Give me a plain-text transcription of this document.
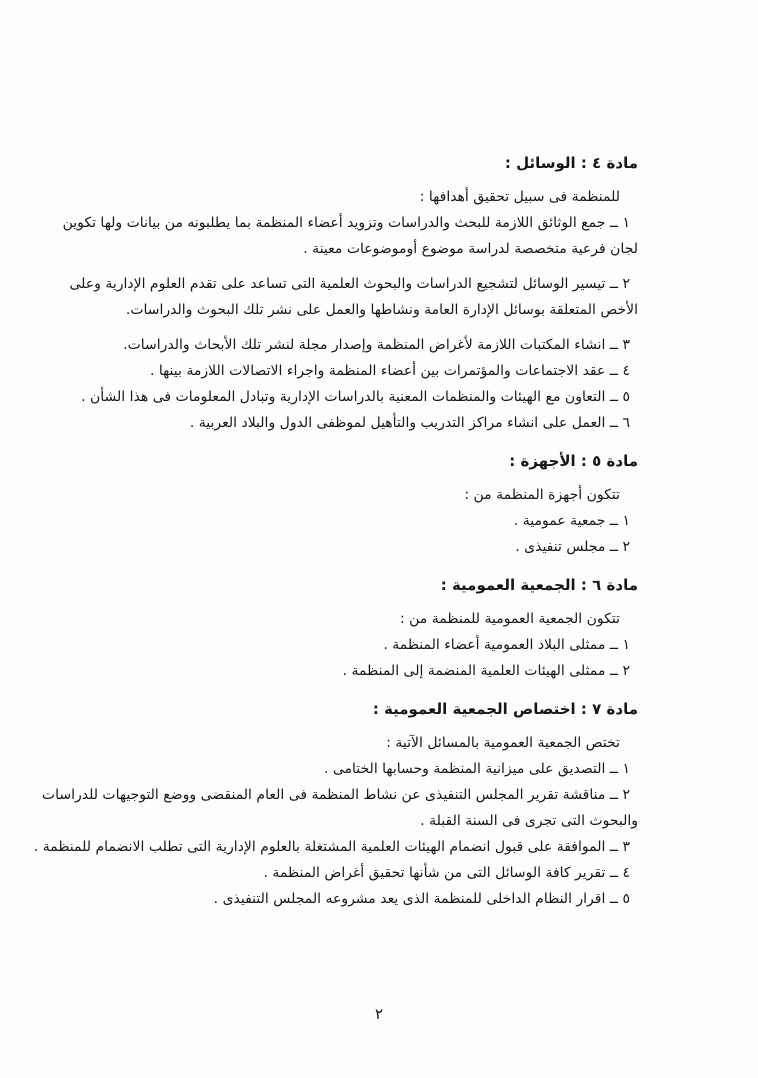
مادة ٤ : الوسائل :

للمنظمة فى سبيل تحقيق أهدافها :

١ ــ جمع الوثائق اللازمة للبحث والدراسات وتزويد أعضاء المنظمة بما يطلبونه من بيانات ولها تكوين

لجان فرعية متخصصة لدراسة موضوع أوموضوعات معينة .

٢ ــ تيسير الوسائل لتشجيع الدراسات والبحوث العلمية التى تساعد على تقدم العلوم الإدارية وعلى

الأخص المتعلقة بوسائل الإدارة العامة ونشاطها والعمل على نشر تلك البحوث والدراسات.

٣ ــ انشاء المكتبات اللازمة لأغراض المنظمة وإصدار مجلة لنشر تلك الأبحاث والدراسات.

٤ ــ عقد الاجتماعات والمؤتمرات بين أعضاء المنظمة واجراء الاتصالات اللازمة بينها .

٥ ــ التعاون مع الهيئات والمنظمات المعنية بالدراسات الإدارية وتبادل المعلومات فى هذا الشأن .

٦ ــ العمل على انشاء مراكز التدريب والتأهيل لموظفى الدول والبلاد العربية .

مادة ٥ : الأجهزة :

تتكون أجهزة المنظمة من :

١ ــ جمعية عمومية .

٢ ــ مجلس تنفيذى .

مادة ٦ : الجمعية العمومية :

تتكون الجمعية العمومية للمنظمة من :

١ ــ ممثلى البلاد العمومية أعضاء المنظمة .

٢ ــ ممثلى الهيئات العلمية المنضمة إلى المنظمة .

مادة ٧ : اختصاص الجمعية العمومية :

تختص الجمعية العمومية بالمسائل الآتية :

١ ــ التصديق على ميزانية المنظمة وحسابها الختامى .

٢ ــ مناقشة تقرير المجلس التنفيذى عن نشاط المنظمة فى العام المنقضى ووضع التوجيهات للدراسات

والبحوث التى تجرى فى السنة القبلة .

٣ ــ الموافقة على قبول انضمام الهيئات العلمية المشتغلة بالعلوم الإدارية التى تطلب الانضمام للمنظمة .

٤ ــ تقرير كافة الوسائل التى من شأنها تحقيق أغراض المنظمة .

٥ ــ اقرار النظام الداخلى للمنظمة الذى يعد مشروعه المجلس التنفيذى .

٢
